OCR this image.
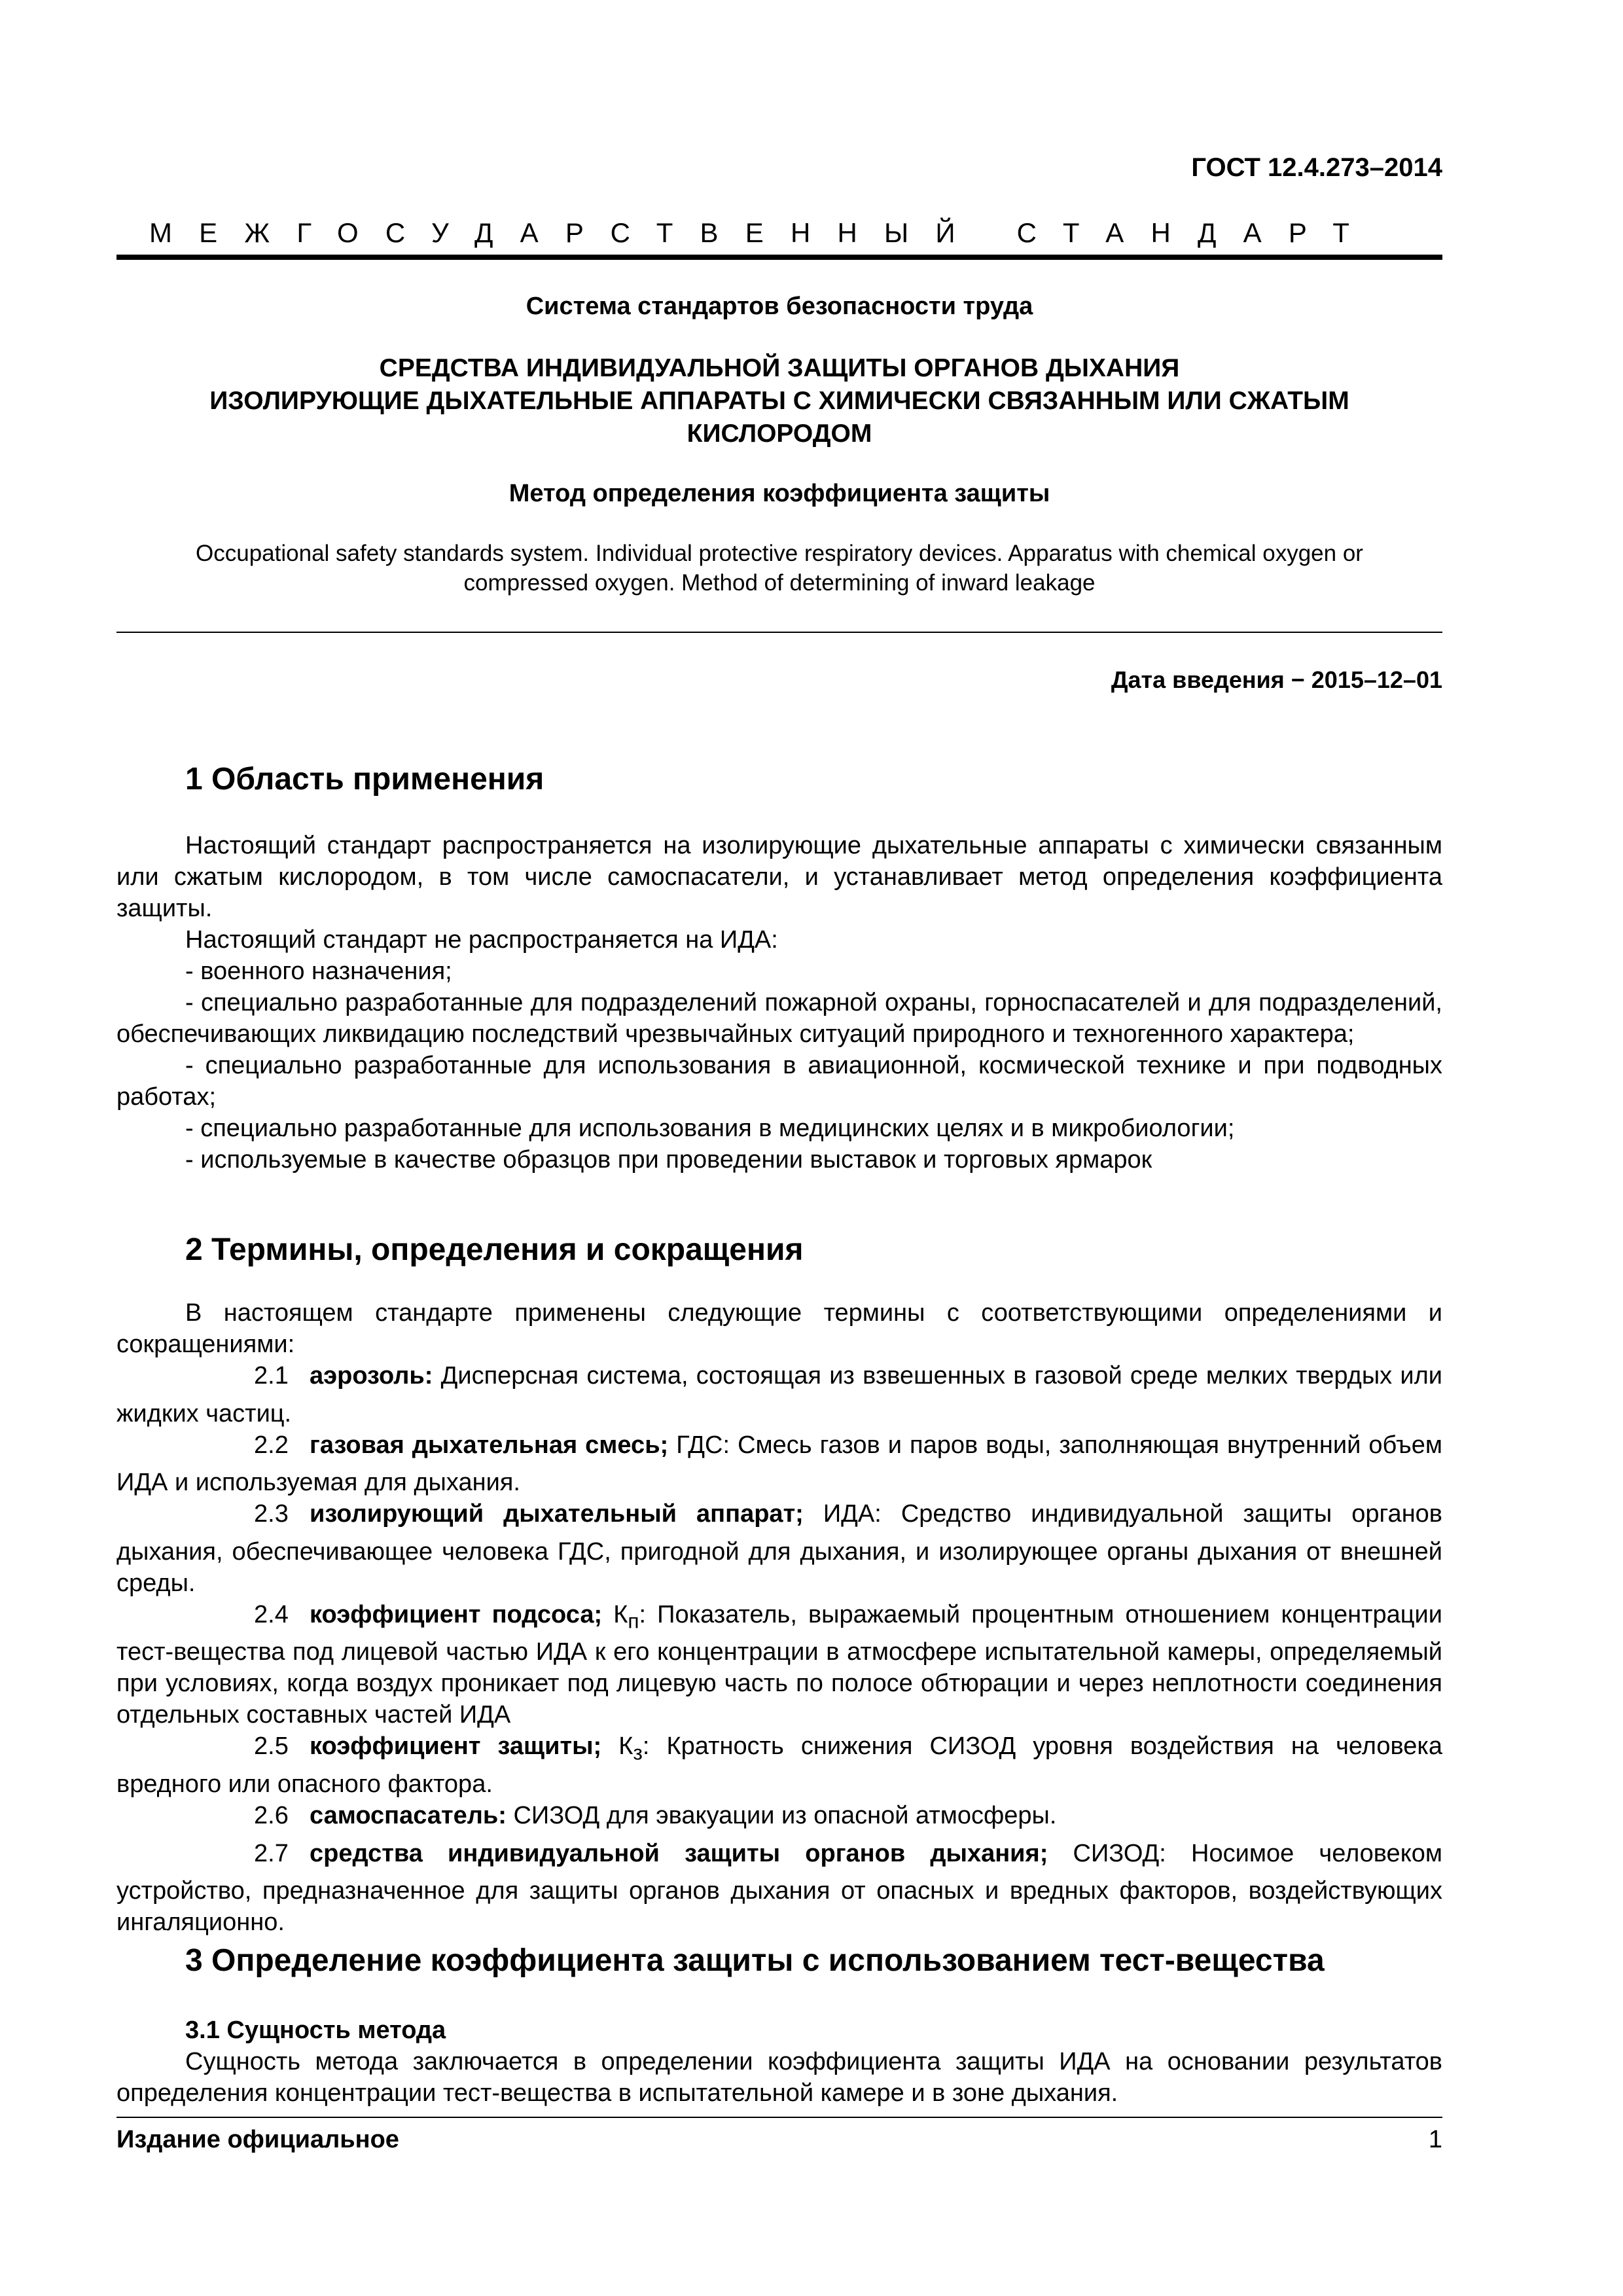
ГОСТ 12.4.273–2014
МЕЖГОСУДАРСТВЕННЫЙ СТАНДАРТ
Система стандартов безопасности труда
СРЕДСТВА ИНДИВИДУАЛЬНОЙ ЗАЩИТЫ ОРГАНОВ ДЫХАНИЯ
ИЗОЛИРУЮЩИЕ ДЫХАТЕЛЬНЫЕ АППАРАТЫ С ХИМИЧЕСКИ СВЯЗАННЫМ ИЛИ СЖАТЫМ
КИСЛОРОДОМ
Метод определения коэффициента защиты
Occupational safety standards system. Individual protective respiratory devices. Apparatus with chemical oxygen or compressed oxygen. Method of determining of inward leakage
Дата введения − 2015–12–01
1 Область применения

Настоящий стандарт распространяется на изолирующие дыхательные аппараты с химически связанным или сжатым кислородом, в том числе самоспасатели, и устанавливает метод определения коэффициента защиты.

Настоящий стандарт не распространяется на ИДА:

- военного назначения;

- специально разработанные для подразделений пожарной охраны, горноспасателей и для подразделений, обеспечивающих ликвидацию последствий чрезвычайных ситуаций природного и техногенного характера;

- специально разработанные для использования в авиационной, космической технике и при подводных работах;

- специально разработанные для использования в медицинских целях и в микробиологии;

- используемые в качестве образцов при проведении выставок и торговых ярмарок

2 Термины, определения и сокращения

В настоящем стандарте применены следующие термины с соответствующими определениями и сокращениями:

2.1 аэрозоль: Дисперсная система, состоящая из взвешенных в газовой среде мелких твердых или жидких частиц.

2.2 газовая дыхательная смесь; ГДС: Смесь газов и паров воды, заполняющая внутренний объем ИДА и используемая для дыхания.

2.3 изолирующий дыхательный аппарат; ИДА: Средство индивидуальной защиты органов дыхания, обеспечивающее человека ГДС, пригодной для дыхания, и изолирующее органы дыхания от внешней среды.

2.4 коэффициент подсоса; $К_п$: Показатель, выражаемый процентным отношением концентрации тест-вещества под лицевой частью ИДА к его концентрации в атмосфере испытательной камеры, определяемый при условиях, когда воздух проникает под лицевую часть по полосе обтюрации и через неплотности соединения отдельных составных частей ИДА

2.5 коэффициент защиты; $К_з$: Кратность снижения СИЗОД уровня воздействия на человека вредного или опасного фактора.

2.6 самоспасатель: СИЗОД для эвакуации из опасной атмосферы.

2.7 средства индивидуальной защиты органов дыхания; СИЗОД: Носимое человеком устройство, предназначенное для защиты органов дыхания от опасных и вредных факторов, воздействующих ингаляционно.

3 Определение коэффициента защиты с использованием тест-вещества

3.1 Сущность метода

Сущность метода заключается в определении коэффициента защиты ИДА на основании результатов определения концентрации тест-вещества в испытательной камере и в зоне дыхания.

Издание официальное	1
